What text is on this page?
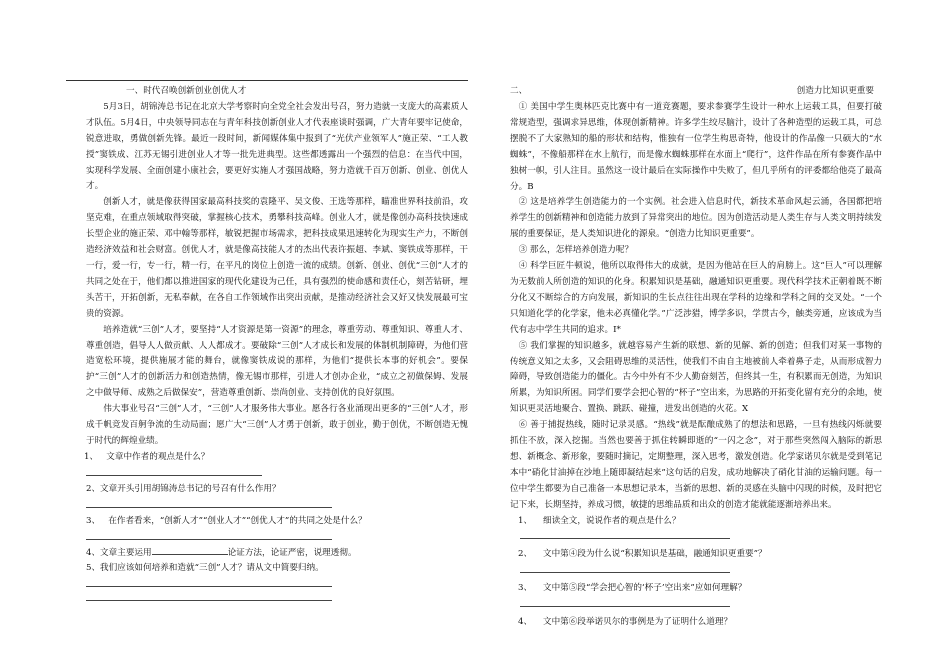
一、时代召唤创新创业创优人才

5月3日，胡锦涛总书记在北京大学考察时向全党全社会发出号召，努力造就一支庞大的高素质人才队伍。5月4日，中央领导同志在与青年科技创新创业人才代表座谈时强调，广大青年要牢记使命，锐意进取，勇做创新先锋。最近一段时间，新闻媒体集中报到了“光伏产业领军人”施正荣、“工人教授”窦铁成、江苏无锡引进创业人才等一批先进典型。这些都透露出一个强烈的信息：在当代中国，实现科学发展、全面创建小康社会，要更好实施人才强国战略，努力造就千百万创新、创业、创优人才。

创新人才，就是像获得国家最高科技奖的袁隆平、吴文俊、王选等那样，瞄准世界科技前沿，攻坚克难，在重点领域取得突破，掌握核心技术，勇攀科技高峰。创业人才，就是像创办高科技快速成长型企业的施正荣、邓中翰等那样，敏锐把握市场需求，把科技成果迅速转化为现实生产力，不断创造经济效益和社会财富。创优人才，就是像高技能人才的杰出代表许振超、李斌、窦铁成等那样，干一行，爱一行，专一行，精一行，在平凡的岗位上创造一流的成绩。创新、创业、创优“三创”人才的共同之处在于，他们都以推进国家的现代化建设为己任，具有强烈的使命感和责任心，刻苦钻研，埋头苦干，开拓创新，无私奉献，在各自工作领域作出突出贡献，是推动经济社会又好又快发展最可宝贵的资源。

培养造就“三创”人才，要坚持“人才资源是第一资源”的理念，尊重劳动、尊重知识、尊重人才、尊重创造，倡导人人做贡献、人人都成才。要破除“三创”人才成长和发展的体制机制障碍，为他们营造宽松环境，提供施展才能的舞台，就像窦铁成说的那样，为他们“提供长本事的好机会”。要保护“三创”人才的创新活力和创造热情，像无锡市那样，引进人才创办企业，“成立之初做保姆、发展之中做导师、成熟之后做保安”，营造尊重创新、崇尚创业、支持创优的良好氛围。

伟大事业号召“三创”人才，“三创”人才服务伟大事业。愿各行各业涌现出更多的“三创”人才，形成千帆竞发百舸争流的生动局面；愿广大“三创”人才勇于创新，敢于创业，勤于创优，不断创造无愧于时代的辉煌业绩。

1、   文章中作者的观点是什么？
2、文章开头引用胡锦涛总书记的号召有什么作用？
3、   在作者看来，“创新人才”“创业人才”“创优人才”的共同之处是什么？
4、文章主要运用	论证方法，论证严密，说理透彻。
5、我们应该如何培养和造就“三创”人才？请从文中简要归纳。
二、	创造力比知识更重要

① 美国中学生奥林匹克比赛中有一道竞赛题，要求参赛学生设计一种水上运载工具，但要打破常规造型，强调求异思维，体现创新精神。许多学生绞尽脑汁，设计了各种造型的运载工具，可总摆脱不了大家熟知的船的形状和结构，惟独有一位学生构思奇特，他设计的作品像一只硕大的“水蜘蛛”，不像船那样在水上航行，而是像水蜘蛛那样在水面上“爬行”，这件作品在所有参赛作品中独树一帜，引人注目。虽然这一设计最后在实际操作中失败了，但几乎所有的评委都给他亮了最高分。B

② 这是培养学生创造能力的一个实例。社会进入信息时代，新技术革命风起云涌，各国都把培养学生的创新精神和创造能力放到了异常突出的地位。因为创造活动是人类生存与人类文明持续发展的重要保证，是人类知识进化的源泉。“创造力比知识更重要”。

③ 那么，怎样培养创造力呢？

④ 科学巨匠牛顿说，他所以取得伟大的成就，是因为他站在巨人的肩膀上。这“巨人”可以理解为无数前人所创造的知识的化身。积累知识是基础，融通知识更重要。现代科学技术正朝着既不断分化又不断综合的方向发展，新知识的生长点往往出现在学科的边缘和学科之间的交叉处。“一个只知道化学的化学家，他未必真懂化学。”广泛涉猎，博学多识，学贯古今，触类旁通，应该成为当代有志中学生共同的追求。I*

⑤ 我们掌握的知识越多，就越容易产生新的联想、新的见解、新的创造；但我们对某一事物的传统意义知之太多，又会阻碍思维的灵活性，使我们不由自主地被前人牵着鼻子走，从而形成智力障碍，导致创造能力的僵化。古今中外有不少人勤奋刻苦，但终其一生，有积累而无创造，为知识所累，为知识所困。同学们要学会把心智的“杯子”空出来，为思路的开拓变化留有充分的余地，使知识更灵活地聚合、置换、跳跃、碰撞，进发出创造的火花。X

⑥ 善于捕捉热线，随时记录灵感。“热线”就是酝酿成熟了的想法和思路，一旦有热线闪烁就要抓住不放，深入挖掘。当然也要善于抓住转瞬即逝的“一闪之念”，对于那些突然闯入脑际的新思想、新概念、新形象，要随时摘记，定期整理，深入思考，激发创造。化学家诺贝尔就是受到笔记本中“硝化甘油掉在沙地上随即凝结起来”这句话的启发，成功地解决了硝化甘油的运输问题。每一位中学生都要为自己准备一本思想记录本，当新的思想、新的灵感在头脑中闪现的时候，及时把它记下来，长期坚持，养成习惯，敏捷的思维品质和出众的创造才能就能逐渐培养出来。

1、    细读全文，说说作者的观点是什么？
2、    文中第④段为什么说“积累知识是基础，融通知识更重要”？
3、    文中第⑤段“学会把心智的‘杯子’空出来”应如何理解？
4、    文中第⑥段举诺贝尔的事例是为了证明什么道理？
